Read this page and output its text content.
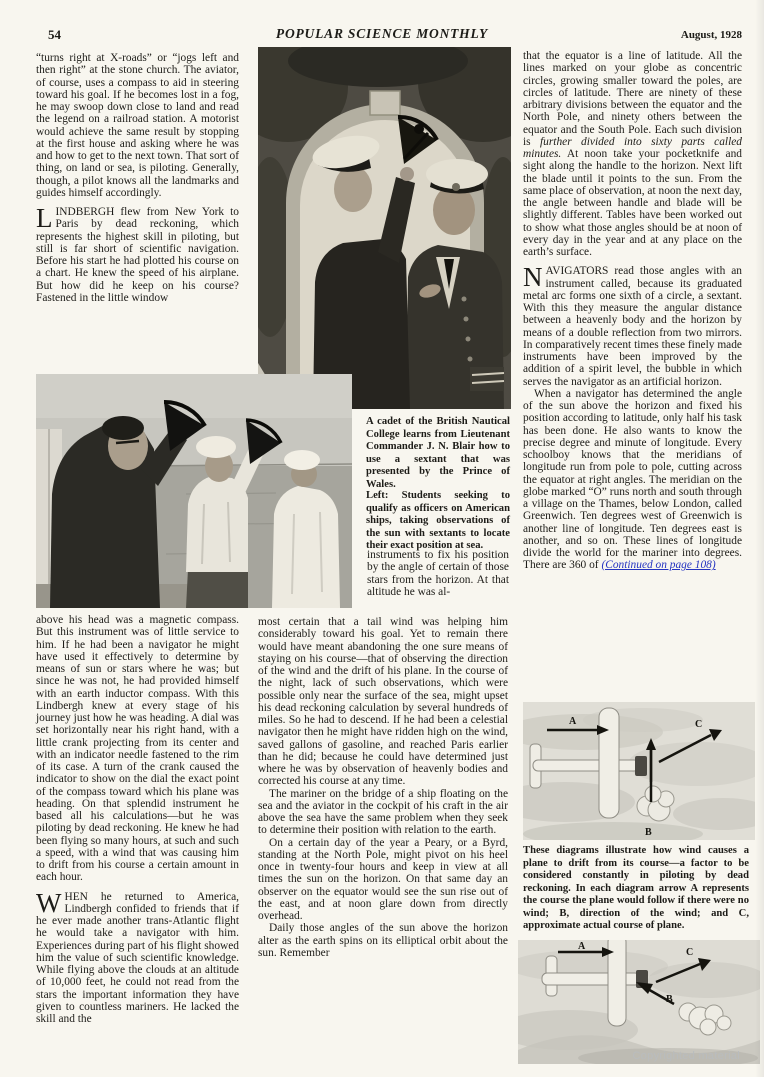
54	POPULAR SCIENCE MONTHLY	August, 1928

“turns right at X-roads” or “jogs left and then right” at the stone church. The aviator, of course, uses a compass to aid in steering toward his goal. If he becomes lost in a fog, he may swoop down close to land and read the legend on a railroad station. A motorist would achieve the same result by stopping at the first house and asking where he was and how to get to the next town. That sort of thing, on land or sea, is piloting. Generally, though, a pilot knows all the landmarks and guides himself accordingly.

LINDBERGH flew from New York to Paris by dead reckoning, which represents the highest skill in piloting, but still is far short of scientific navigation. Before his start he had plotted his course on a chart. He knew the speed of his airplane. But how did he keep on his course? Fastened in the little window

above his head was a magnetic compass. But this instrument was of little service to him. If he had been a navigator he might have used it effectively to determine by means of sun or stars where he was; but since he was not, he had provided himself with an earth inductor compass. With this Lindbergh knew at every stage of his journey just how he was heading. A dial was set horizontally near his right hand, with a little crank projecting from its center and with an indicator needle fastened to the rim of its case. A turn of the crank caused the indicator to show on the dial the exact point of the compass toward which his plane was heading. On that splendid instrument he based all his calculations—but he was piloting by dead reckoning. He knew he had been flying so many hours, at such and such a speed, with a wind that was causing him to drift from his course a certain amount in each hour.

WHEN he returned to America, Lindbergh confided to friends that if he ever made another trans-Atlantic flight he would take a navigator with him. Experiences during part of his flight showed him the value of such scientific knowledge. While flying above the clouds at an altitude of 10,000 feet, he could not read from the stars the important information they have given to countless mariners. He lacked the skill and the

A cadet of the British Nautical College learns from Lieutenant Commander J. N. Blair how to use a sextant that was presented by the Prince of Wales.
Left: Students seeking to qualify as officers on American ships, taking observations of the sun with sextants to locate their exact position at sea.

instruments to fix his position by the angle of certain of those stars from the horizon. At that altitude he was al-

most certain that a tail wind was helping him considerably toward his goal. Yet to remain there would have meant abandoning the one sure means of staying on his course—that of observing the direction of the wind and the drift of his plane. In the course of the night, lack of such observations, which were possible only near the surface of the sea, might upset his dead reckoning calculation by several hundreds of miles. So he had to descend. If he had been a celestial navigator then he might have ridden high on the wind, saved gallons of gasoline, and reached Paris earlier than he did; because he could have determined just where he was by observation of heavenly bodies and corrected his course at any time.

The mariner on the bridge of a ship floating on the sea and the aviator in the cockpit of his craft in the air above the sea have the same problem when they seek to determine their position with relation to the earth.

On a certain day of the year a Peary, or a Byrd, standing at the North Pole, might pivot on his heel once in twenty-four hours and keep in view at all times the sun on the horizon. On that same day an observer on the equator would see the sun rise out of the east, and at noon glare down from directly overhead.

Daily those angles of the sun above the horizon alter as the earth spins on its elliptical orbit about the sun. Remember

that the equator is a line of latitude. All the lines marked on your globe as concentric circles, growing smaller toward the poles, are circles of latitude. There are ninety of these arbitrary divisions between the equator and the North Pole, and ninety others between the equator and the South Pole. Each such division is further divided into sixty parts called minutes. At noon take your pocketknife and sight along the handle to the horizon. Next lift the blade until it points to the sun. From the same place of observation, at noon the next day, the angle between handle and blade will be slightly different. Tables have been worked out to show what those angles should be at noon of every day in the year and at any place on the earth’s surface.

NAVIGATORS read those angles with an instrument called, because its graduated metal arc forms one sixth of a circle, a sextant. With this they measure the angular distance between a heavenly body and the horizon by means of a double reflection from two mirrors. In comparatively recent times these finely made instruments have been improved by the addition of a spirit level, the bubble in which serves the navigator as an artificial horizon.

When a navigator has determined the angle of the sun above the horizon and fixed his position according to latitude, only half his task has been done. He also wants to know the precise degree and minute of longitude. Every schoolboy knows that the meridians of longitude run from pole to pole, cutting across the equator at right angles. The meridian on the globe marked “O” runs north and south through a village on the Thames, below London, called Greenwich. Ten degrees west of Greenwich is another line of longitude. Ten degrees east is another, and so on. These lines of longitude divide the world for the mariner into degrees. There are 360 of (Continued on page 108)

A
B
C
These diagrams illustrate how wind causes a plane to drift from its course—a factor to be considered constantly in piloting by dead reckoning. In each diagram arrow A represents the course the plane would follow if there were no wind; B, direction of the wind; and C, approximate actual course of plane.
A
B
C
Copyrighted material
